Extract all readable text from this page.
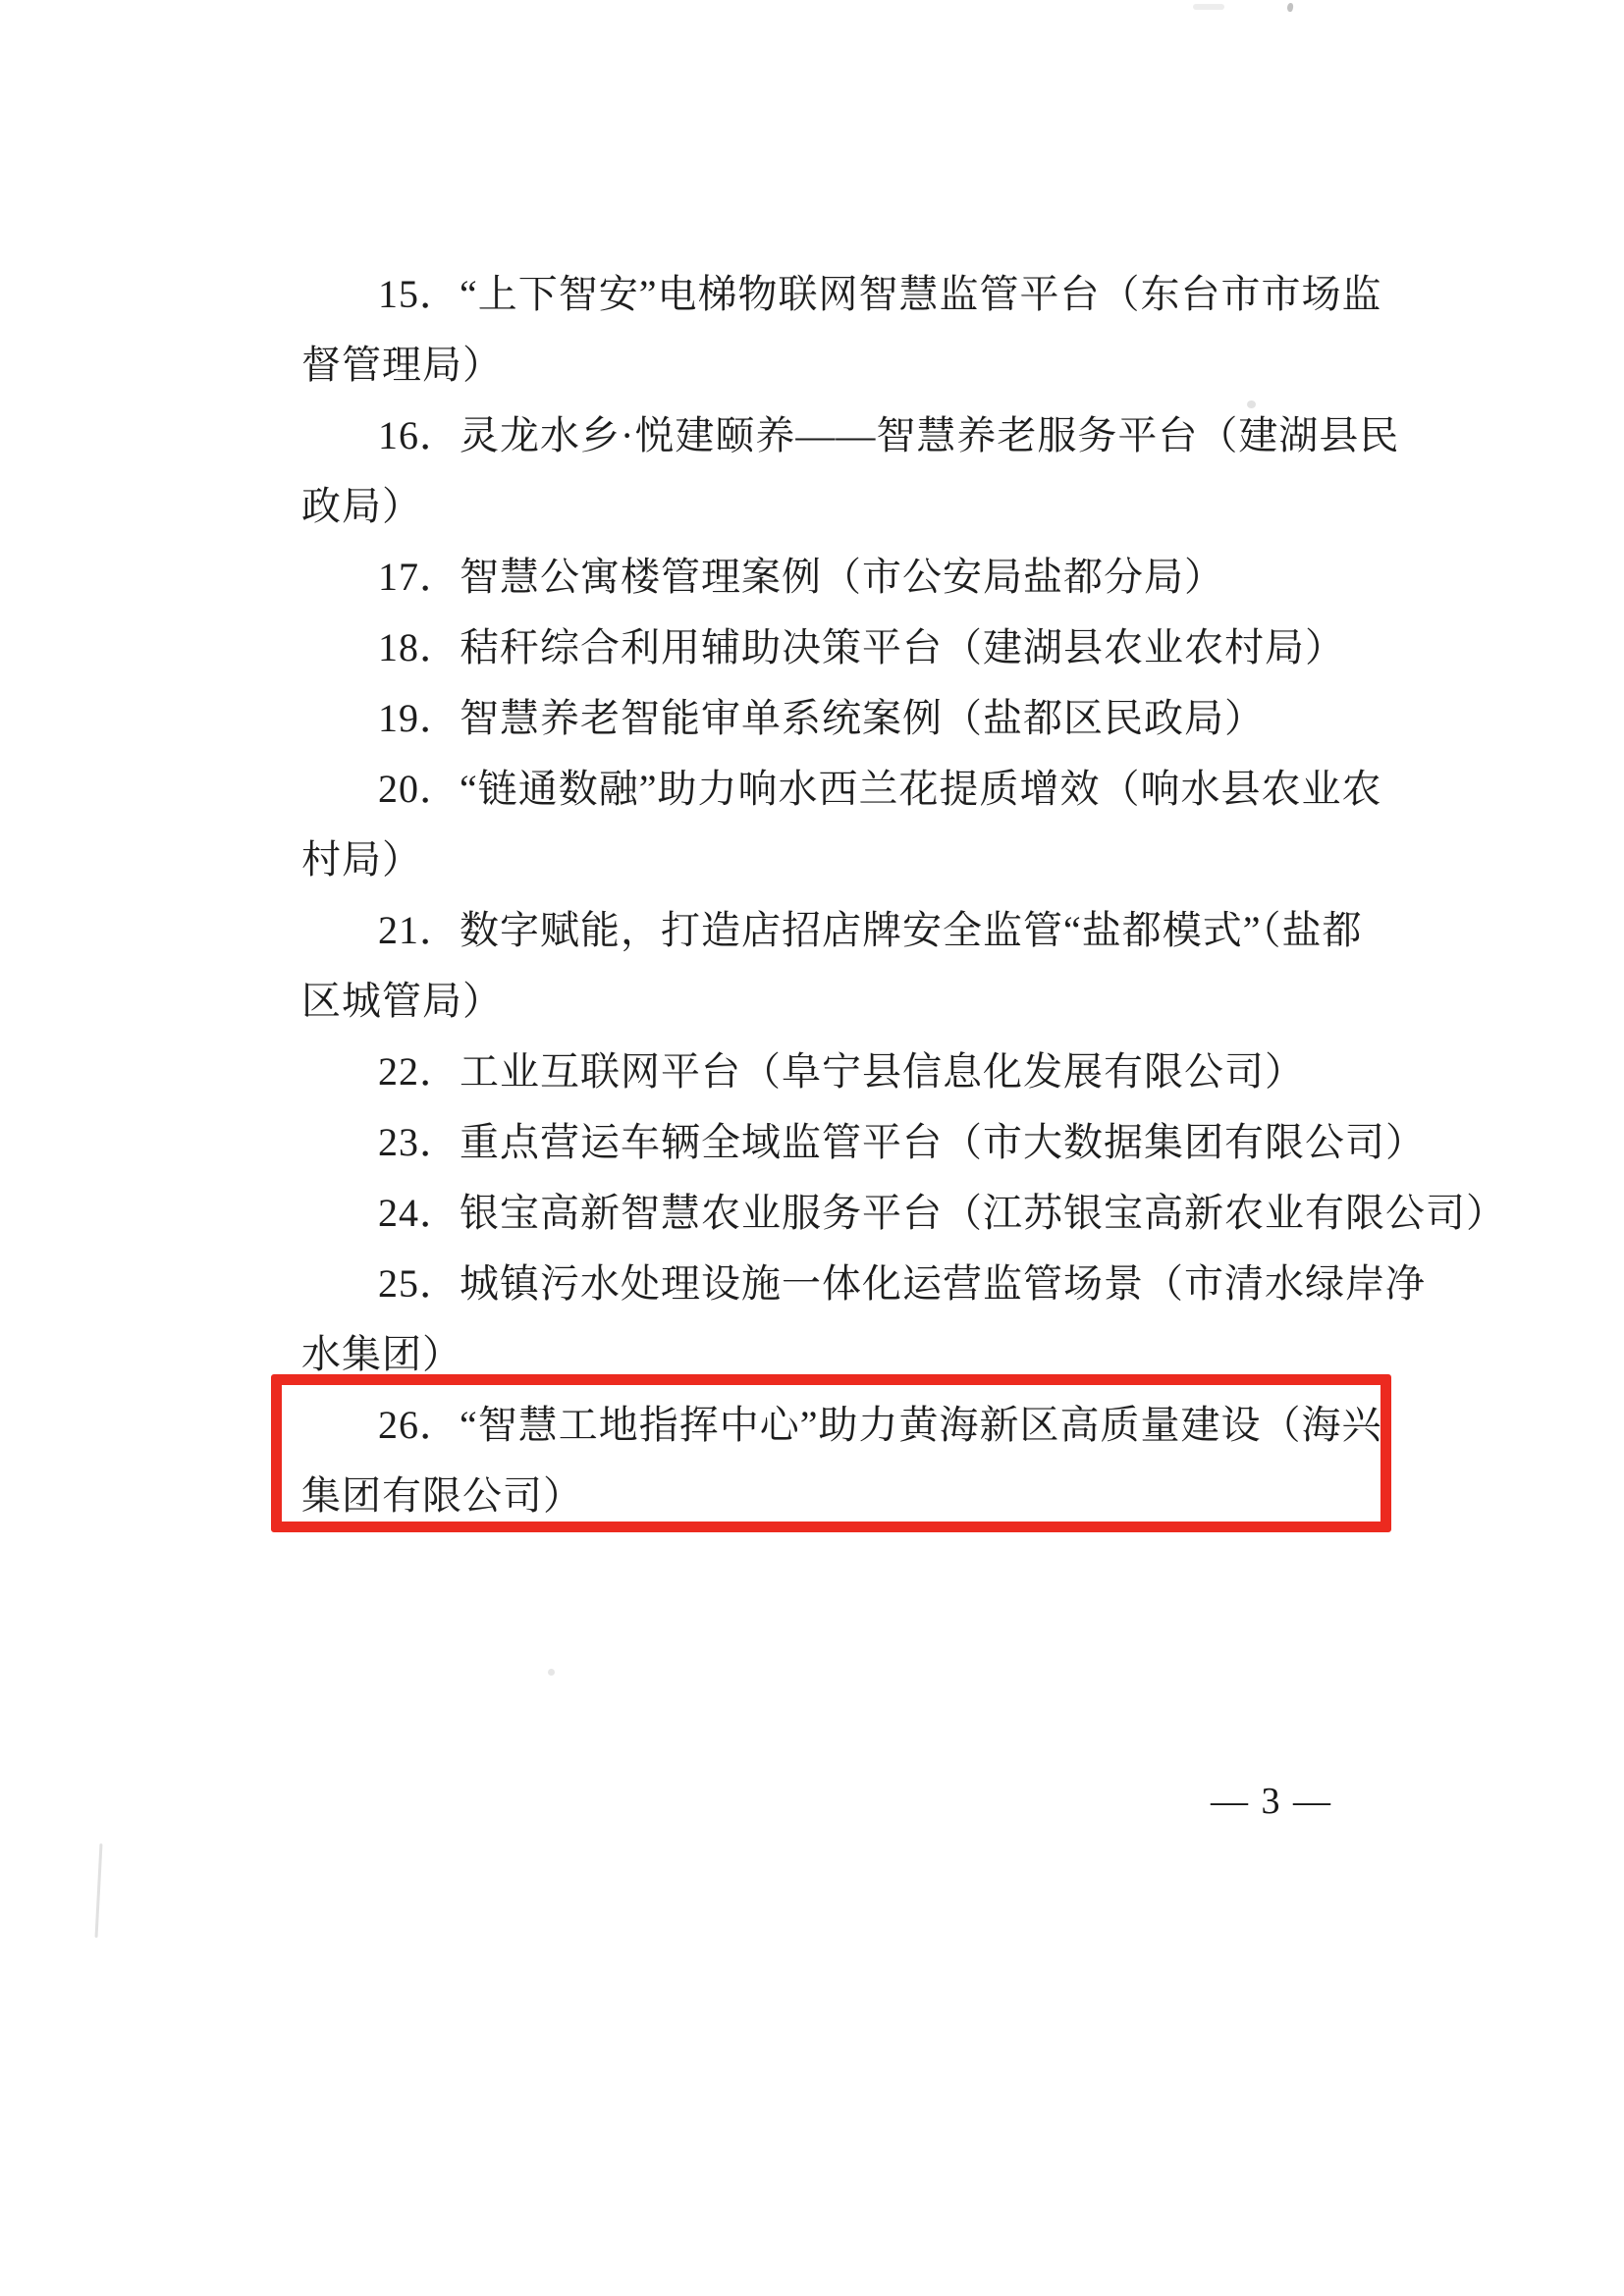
15．“上下智安”电梯物联网智慧监管平台（东台市市场监
督管理局）
16．灵龙水乡·悦建颐养——智慧养老服务平台（建湖县民
政局）
17．智慧公寓楼管理案例（市公安局盐都分局）
18．秸秆综合利用辅助决策平台（建湖县农业农村局）
19．智慧养老智能审单系统案例（盐都区民政局）
20．“链通数融”助力响水西兰花提质增效（响水县农业农
村局）
21．数字赋能，打造店招店牌安全监管“盐都模式”（盐都
区城管局）
22．工业互联网平台（阜宁县信息化发展有限公司）
23．重点营运车辆全域监管平台（市大数据集团有限公司）
24．银宝高新智慧农业服务平台（江苏银宝高新农业有限公司）
25．城镇污水处理设施一体化运营监管场景（市清水绿岸净
水集团）
26．“智慧工地指挥中心”助力黄海新区高质量建设（海兴
集团有限公司）
— 3 —
